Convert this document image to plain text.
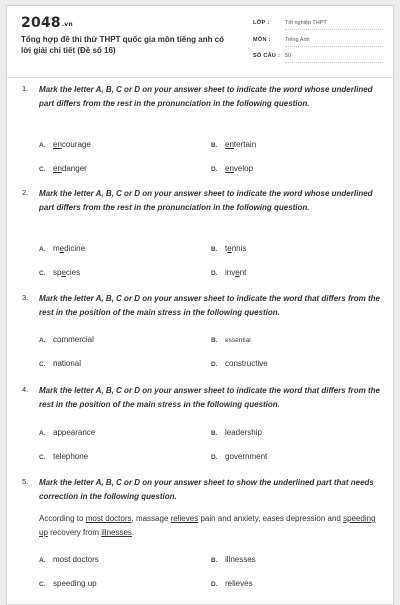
2048.vn
Tổng hợp đề thi thử THPT quốc gia môn tiếng anh có lời giải chi tiết (Đề số 16)
LỚP :	Tốt nghiệp THPT
MÔN :	Tiếng Anh
SỐ CÂU : 50
1. Mark the letter A, B, C or D on your answer sheet to indicate the word whose underlined part differs from the rest in the pronunciation in the following question.
A. encourage	B. entertain
C. endanger	D. envelop
2. Mark the letter A, B, C or D on your answer sheet to indicate the word whose underlined part differs from the rest in the pronunciation in the following question.
A. medicine	B. tennis
C. species	D. invent
3. Mark the letter A, B, C or D on your answer sheet to indicate the word that differs from the rest in the position of the main stress in the following question.
A. commercial	B. essential
C. national	D. constructive
4. Mark the letter A, B, C or D on your answer sheet to indicate the word that differs from the rest in the position of the main stress in the following question.
A. appearance	B. leadership
C. telephone	D. government
5. Mark the letter A, B, C or D on your answer sheet to show the underlined part that needs correction in the following question.
According to most doctors, massage relieves pain and anxiety, eases depression and speeding up recovery from illnesses.
A. most doctors	B. illnesses
C. speeding up	D. relieves
